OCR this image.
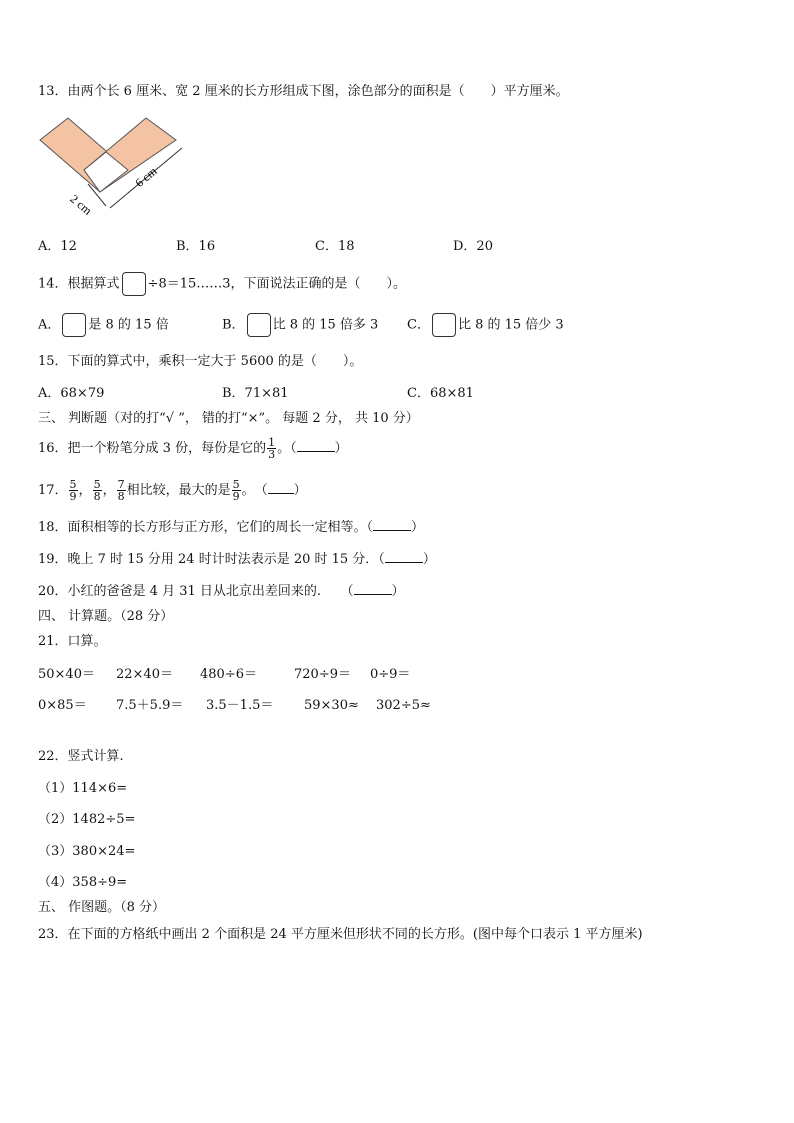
13．由两个长 6 厘米、宽 2 厘米的长方形组成下图，涂色部分的面积是（　　）平方厘米。
2 cm
6 cm
A．12	B．16	C．18	D．20
14．根据算式 ÷8＝15……3，下面说法正确的是（　　）。
A． 是 8 的 15 倍	B． 比 8 的 15 倍多 3 C． 比 8 的 15 倍少 3
15．下面的算式中，乘积一定大于 5600 的是（　　）。
A．68×79	B．71×81	C．68×81
三、 判断题（对的打“√ ”， 错的打“×”。 每题 2 分， 共 10 分）
16．把一个粉笔分成 3 份，每份是它的 $\frac{1}{3}$ 。（	）
17． $\frac{5}{9}$ ， $\frac{5}{8}$ ， $\frac{7}{8}$ 相比较，最大的是 $\frac{5}{9}$ 。　（ ）
18．面积相等的长方形与正方形，它们的周长一定相等。（	）
19．晚上 7 时 15 分用 24 时计时法表示是 20 时 15 分．（	）
20．小红的爸爸是 4 月 31 日从北京出差回来的.　　（	）
四、 计算题。（28 分）
21．口算。
50×40＝ 22×40＝ 480÷6＝	720÷9＝ 0÷9＝
0×85＝ 7.5＋5.9＝ 3.5－1.5＝ 59×30≈ 302÷5≈
22．竖式计算.
（1）114×6=
（2）1482÷5=
（3）380×24=
（4）358÷9=
五、 作图题。（8 分）
23．在下面的方格纸中画出 2 个面积是 24 平方厘米但形状不同的长方形。(图中每个口表示 1 平方厘米)
